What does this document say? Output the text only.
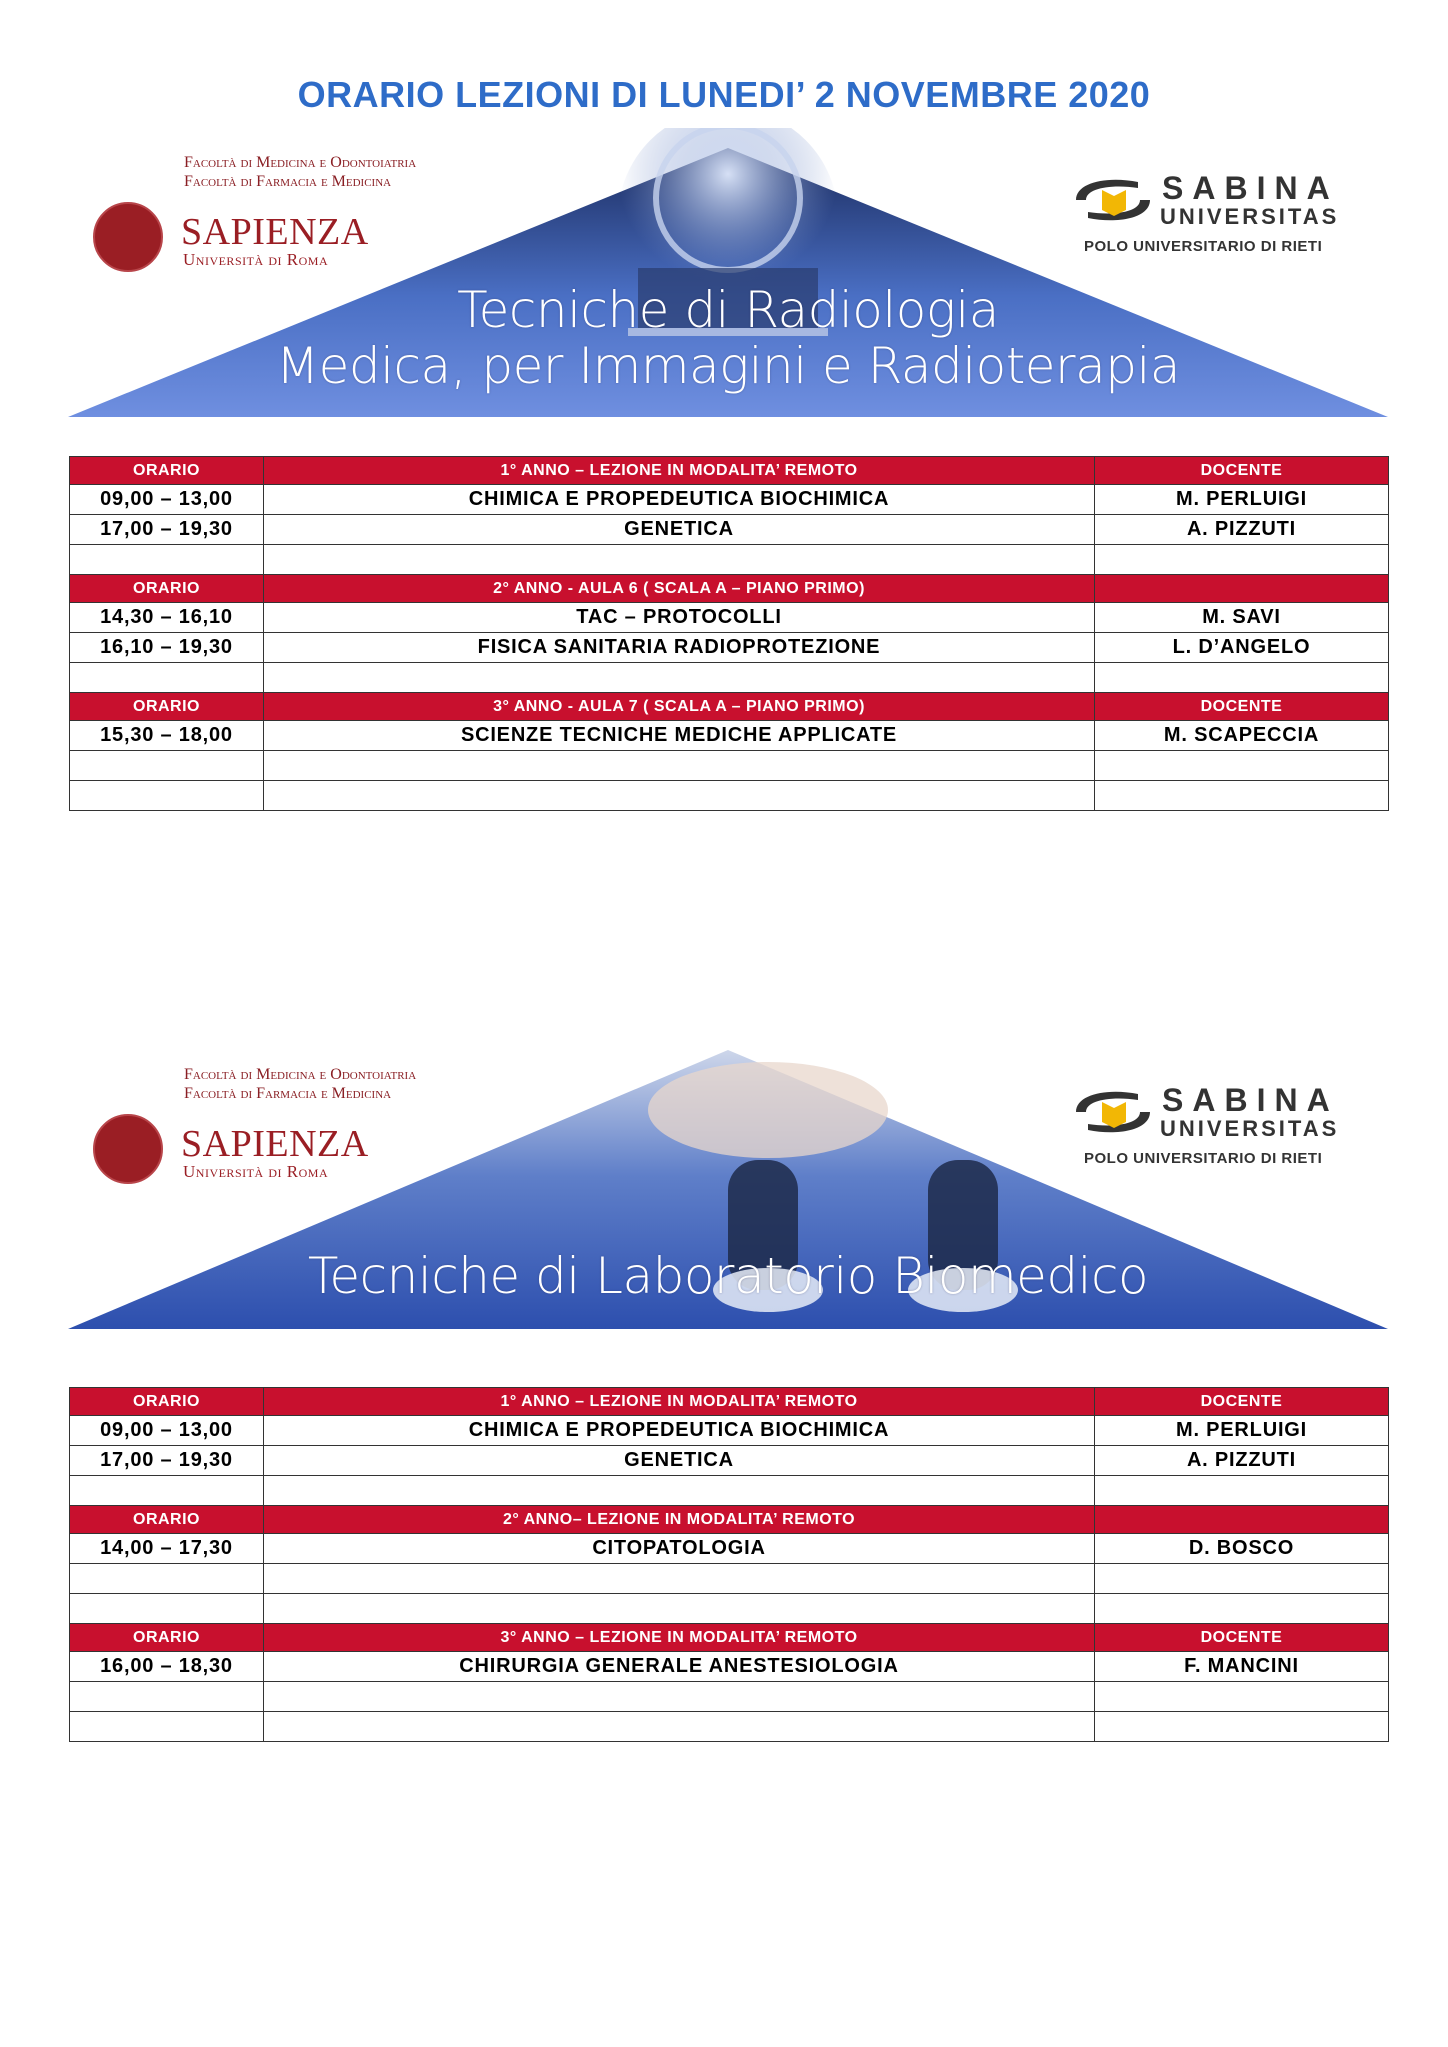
ORARIO LEZIONI DI LUNEDI’ 2 NOVEMBRE 2020
Facoltà di Medicina e Odontoiatria
Facoltà di Farmacia e Medicina
SAPIENZA
Università di Roma
SABINA
UNIVERSITAS
POLO UNIVERSITARIO DI RIETI
Tecniche di Radiologia
Medica, per Immagini e Radioterapia
ORARIO	1° ANNO – LEZIONE IN MODALITA’ REMOTO	DOCENTE
09,00 – 13,00	CHIMICA E PROPEDEUTICA BIOCHIMICA	M. PERLUIGI
17,00 – 19,30	GENETICA	A. PIZZUTI

ORARIO	2° ANNO - AULA 6 ( SCALA A – PIANO PRIMO)	
14,30 – 16,10	TAC – PROTOCOLLI	M. SAVI
16,10 – 19,30	FISICA SANITARIA RADIOPROTEZIONE	L. D’ANGELO

ORARIO	3° ANNO - AULA 7 ( SCALA A – PIANO PRIMO)	DOCENTE
15,30 – 18,00	SCIENZE TECNICHE MEDICHE APPLICATE	M. SCAPECCIA

Facoltà di Medicina e Odontoiatria
Facoltà di Farmacia e Medicina
SAPIENZA
Università di Roma
SABINA
UNIVERSITAS
POLO UNIVERSITARIO DI RIETI
Tecniche di Laboratorio Biomedico
ORARIO	1° ANNO – LEZIONE IN MODALITA’ REMOTO	DOCENTE
09,00 – 13,00	CHIMICA E PROPEDEUTICA BIOCHIMICA	M. PERLUIGI
17,00 – 19,30	GENETICA	A. PIZZUTI

ORARIO	2° ANNO– LEZIONE IN MODALITA’ REMOTO	
14,00 – 17,30	CITOPATOLOGIA	D. BOSCO

ORARIO	3° ANNO – LEZIONE IN MODALITA’ REMOTO	DOCENTE
16,00 – 18,30	CHIRURGIA GENERALE ANESTESIOLOGIA	F. MANCINI
